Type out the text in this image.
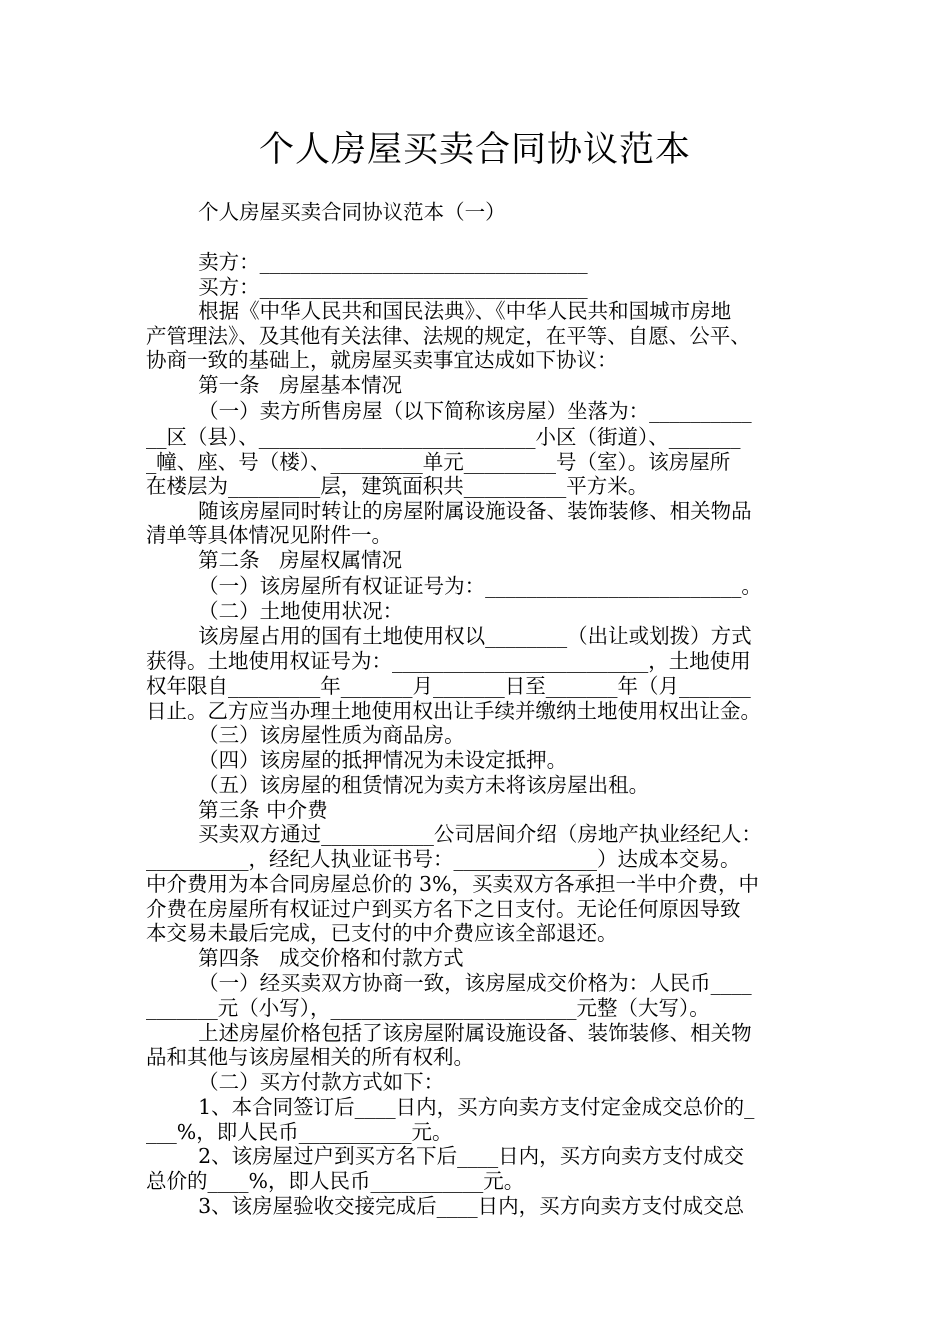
个人房屋买卖合同协议范本
个人房屋买卖合同协议范本（一）
卖方：________________________________
买方：________________________________
根据《中华人民共和国民法典》、《中华人民共和国城市房地
产管理法》、及其他有关法律、法规的规定，在平等、自愿、公平、
协商一致的基础上，就房屋买卖事宜达成如下协议：
第一条   房屋基本情况
（一）卖方所售房屋（以下简称该房屋）坐落为：__________
__区（县）、___________________________小区（街道）、_______
_幢、座、号（楼）、_________单元_________号（室）。该房屋所
在楼层为_________层，建筑面积共__________平方米。
随该房屋同时转让的房屋附属设施设备、装饰装修、相关物品
清单等具体情况见附件一。
第二条   房屋权属情况
（一）该房屋所有权证证号为：_________________________。
（二）土地使用状况：
该房屋占用的国有土地使用权以________（出让或划拨）方式
获得。土地使用权证号为：_________________________，土地使用
权年限自_________年_______月_______日至_______年（月_______
日止。乙方应当办理土地使用权出让手续并缴纳土地使用权出让金。
（三）该房屋性质为商品房。
（四）该房屋的抵押情况为未设定抵押。
（五）该房屋的租赁情况为卖方未将该房屋出租。
第三条 中介费
买卖双方通过___________公司居间介绍（房地产执业经纪人：
__________，经纪人执业证书号：______________）达成本交易。
中介费用为本合同房屋总价的 3%，买卖双方各承担一半中介费，中
介费在房屋所有权证过户到买方名下之日支付。无论任何原因导致
本交易未最后完成，已支付的中介费应该全部退还。
第四条   成交价格和付款方式
（一）经买卖双方协商一致，该房屋成交价格为：人民币____
_______元（小写），________________________元整（大写）。
上述房屋价格包括了该房屋附属设施设备、装饰装修、相关物
品和其他与该房屋相关的所有权利。
（二）买方付款方式如下：
1、本合同签订后____日内，买方向卖方支付定金成交总价的_
___%，即人民币___________元。
2、该房屋过户到买方名下后____日内，买方向卖方支付成交
总价的____%，即人民币___________元。
3、该房屋验收交接完成后____日内，买方向卖方支付成交总
